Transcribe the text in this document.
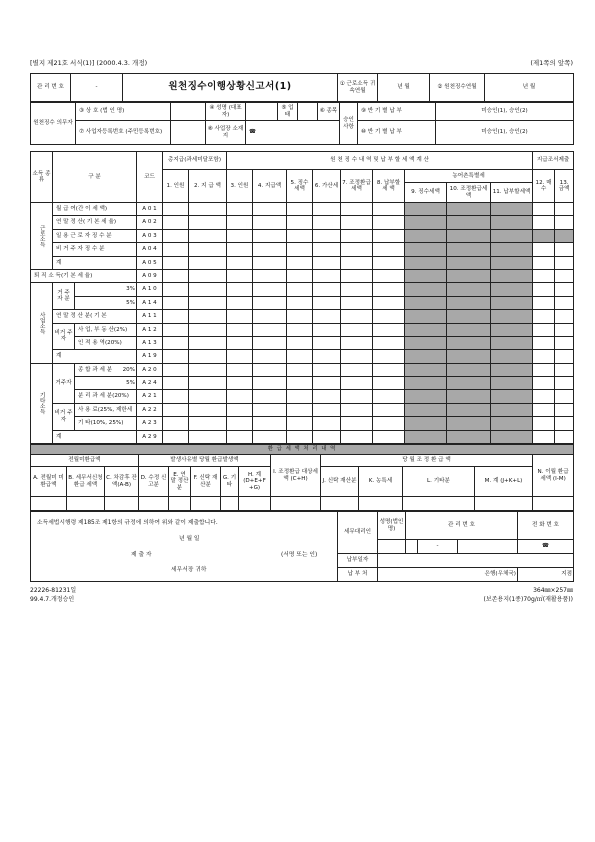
[별지 제21호 서식(1)] (2000.4.3. 개정)	(제1쪽의 앞쪽)
관 리 번 호	-	원천징수이행상황신고서(1)	① 근로소득 귀속연월	년 월	② 원천징수연월	년 월
원천징수 의무자	③ 상 호 (법 인 명)		④ 성명 (대표자)		⑤ 업태		⑥ 종목	승인 사항	⑨ 반 기 별 납 부	미승인(1), 승인(2)
	⑦ 사업자등록번호 (주민등록번호)		⑧ 사업장 소재지	☎					⑩ 반 기 별 납 부	미승인(1), 승인(2)
소득 종류	구 분		코드	총지급(과세미달포함)		원 천 징 수 내 역 및 납 부 할 세 액 계 산									지급조서제출	
				1. 인원	2. 지 급 액	3. 인원	4. 지급액	5. 징수 세액	6. 가산세	7. 조정환급세액	8. 납부할 세 액	농어촌특별세			12. 매수	13. 금액
												9. 징수세액	10. 조정환급세액	11. 납부할세액		
근로소득	월 급 여(간 이 세 액)		A 0 1													
	연 말 정 산( 기 본 세 율)		A 0 2													
	일 용 근 로 자 징 수 분		A 0 3													
	비 거 주 자 징 수 분		A 0 4													
	계		A 0 5													
퇴 직 소 득(기 본 세 율)			A 0 9													
사업소득	거 주 자 분	3%	A 1 0													
		5%	A 1 4													
	연 말 정 산 분( 기 본		A 1 1													
	비거 주자	사 업, 부 동 산(2%)	A 1 2													
		인 적 용 역(20%)	A 1 3													
	계		A 1 9													
기타소득	거주자	종 합 과 세 분 20%	A 2 0													
		5%	A 2 4													
		분 리 과 세 분(20%)	A 2 1													
	비거 주자	사 용 료(25%, 제한세	A 2 2													
		기 타(10%, 25%)	A 2 3													
	계		A 2 9													
환 급 세 액 처 리 내 역													
전월미환급액			발생사유별 당월 환급발생액					I. 조정환급 대상세액 (C+H)	당 월 조 정 환 급 액				N. 이월 환급 세액 (I-M)
A. 전월미 미환급액	B. 세무서신청 환급 세액	C. 차감후 잔액(A-B)	D. 수정 신고분	E. 연 말 정산분	F. 신탁 재산분	G. 기 타	H. 계 (D+E+F +G)		J. 신탁 재산분	K. 농특세	L. 기타분	M. 계 (J+K+L)	

소득세법시행령 제185조 제1항의 규정에 의하여 위와 같이 제출합니다.
년 월 일
제 출 자 (서명 또는 인)
세무서장 귀하	세무대리인	성명(법인명)	관 리 번 호			전 화 번 호
				-		☎
	납부일자					
	납 부 처	은행(우체국)				지점
22226-81231일
99.4.7.개정승인
364㎜×257㎜
(보존용지(1종)70g/㎡(재활용품))
